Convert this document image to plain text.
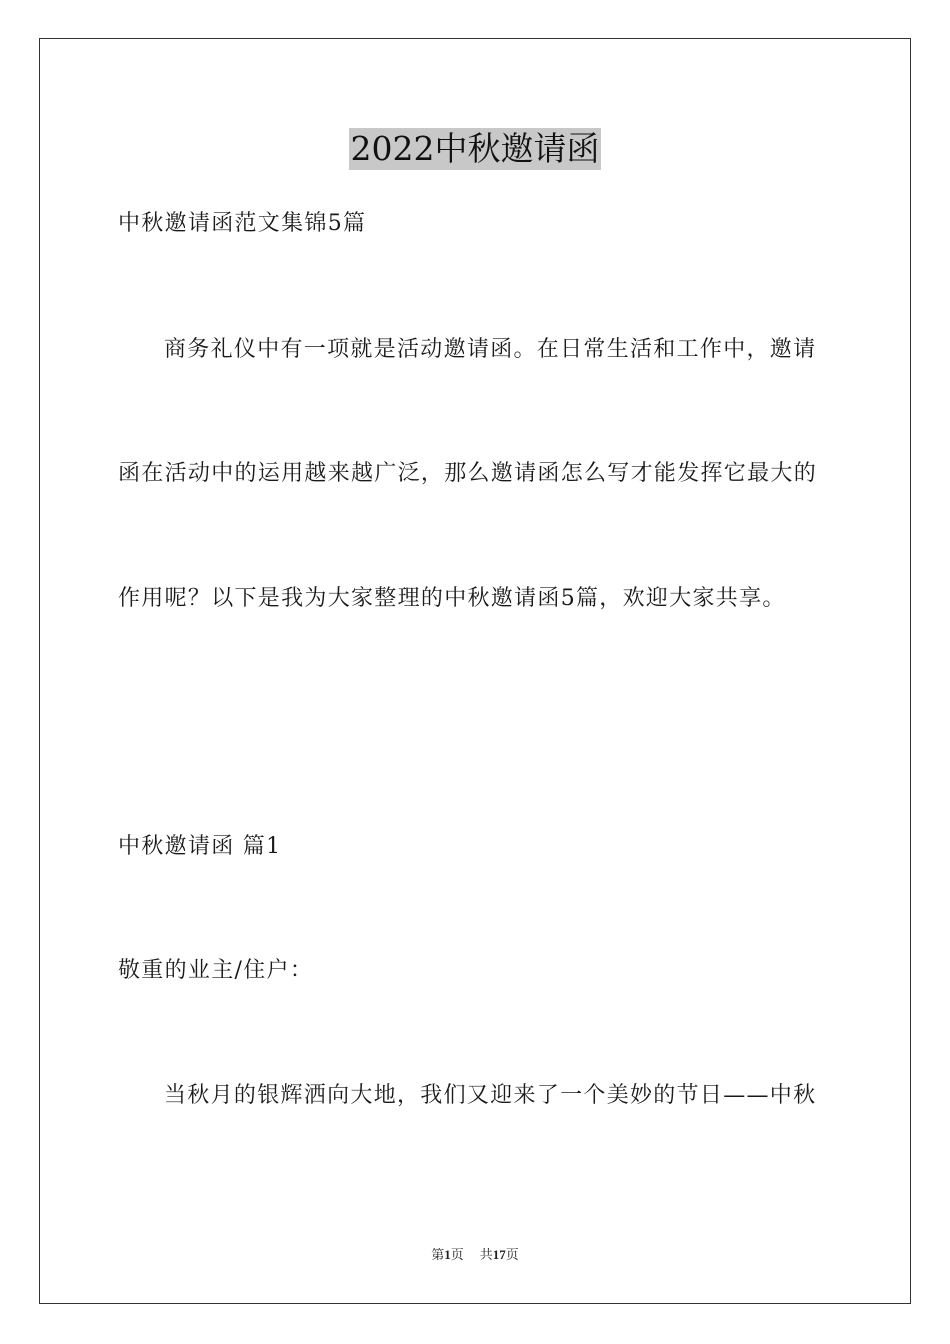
2022中秋邀请函
中秋邀请函范文集锦5篇
商务礼仪中有一项就是活动邀请函。在日常生活和工作中，邀请
函在活动中的运用越来越广泛，那么邀请函怎么写才能发挥它最大的
作用呢？以下是我为大家整理的中秋邀请函5篇，欢迎大家共享。
中秋邀请函 篇1
敬重的业主/住户：
当秋月的银辉洒向大地，我们又迎来了一个美妙的节日——中秋
第1页 共17页
